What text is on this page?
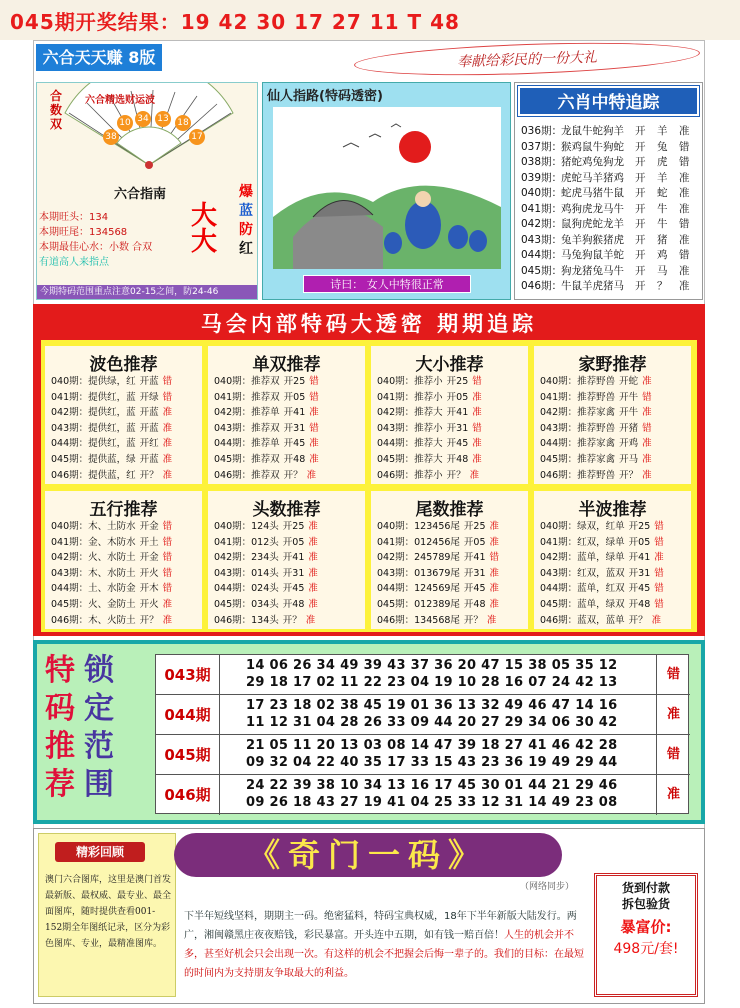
045期开奖结果：19 42 30 17 27 11 T 48
六合天天赚 8版	奉献给彩民的一份大礼
六合精选财运波
10 34 13 18
38	17
合数双
六合指南
本期旺头：134
本期旺尾：134568
本期最佳心水：小数 合双
大大
爆
蓝
防
红
有道高人来指点
今期特码范围重点注意02-15之间，防24-46
仙人指路(特码透密)
诗曰： 女人中特很正常
六肖中特追踪
036期：
龙鼠牛蛇狗羊 开 羊 准
037期：
猴鸡鼠牛狗蛇 开 兔 错
038期：
猪蛇鸡兔狗龙 开 虎 错
039期：
虎蛇马羊猪鸡 开 羊 准
040期：
蛇虎马猪牛鼠 开 蛇 准
041期：
鸡狗虎龙马牛 开 牛 准
042期：
鼠狗虎蛇龙羊 开 牛 错
043期：
兔羊狗猴猪虎 开 猪 准
044期：
马兔狗鼠羊蛇 开 鸡 错
045期：
狗龙猪兔马牛 开 马 准
046期：
牛鼠羊虎猪马 开 ？ 准
马会内部特码大透密 期期追踪
波色推荐
040期：提供绿，红 开蓝 错
041期：提供红，蓝 开绿 错
042期：提供红，蓝 开蓝 准
043期：提供红，蓝 开蓝 准
044期：提供红，蓝 开红 准
045期：提供蓝，绿 开蓝 准
046期：提供蓝，红 开？ 准
单双推荐
040期：推荐双 开25 错
041期：推荐双 开05 错
042期：推荐单 开41 准
043期：推荐双 开31 错
044期：推荐单 开45 准
045期：推荐双 开48 准
046期：推荐双 开？ 准
大小推荐
040期：推荐小 开25 错
041期：推荐小 开05 准
042期：推荐大 开41 准
043期：推荐小 开31 错
044期：推荐大 开45 准
045期：推荐大 开48 准
046期：推荐小 开？ 准
家野推荐
040期：推荐野兽 开蛇 准
041期：推荐野兽 开牛 错
042期：推荐家禽 开牛 准
043期：推荐野兽 开猪 错
044期：推荐家禽 开鸡 准
045期：推荐家禽 开马 准
046期：推荐野兽 开？ 准
五行推荐
040期：木、土防水 开金 错
041期：金、木防水 开土 错
042期：火、水防土 开金 错
043期：木、水防土 开火 错
044期：土、水防金 开木 错
045期：火、金防土 开火 准
046期：木、火防土 开？ 准
头数推荐
040期：124头 开25 准
041期：012头 开05 准
042期：234头 开41 准
043期：014头 开31 准
044期：024头 开45 准
045期：034头 开48 准
046期：134头 开？ 准
尾数推荐
040期：123456尾 开25 准
041期：012456尾 开05 准
042期：245789尾 开41 错
043期：013679尾 开31 准
044期：124569尾 开45 准
045期：012389尾 开48 准
046期：134568尾 开？ 准
半波推荐
040期：绿双，红单 开25 错
041期：红双，绿单 开05 错
042期：蓝单，绿单 开41 准
043期：红双，蓝双 开31 错
044期：蓝单，红双 开45 错
045期：蓝单，绿双 开48 错
046期：蓝双，蓝单 开？ 准
特
码
推
荐
锁
定
范
围
043期
14 06 26 34 49 39 43 37 36 20 47 15 38 05 35 12
29 18 17 02 11 22 23 04 19 10 28 16 07 24 42 13
错
044期
17 23 18 02 38 45 19 01 36 13 32 49 46 47 14 16
11 12 31 04 28 26 33 09 44 20 27 29 34 06 30 42
准
045期
21 05 11 20 13 03 08 14 47 39 18 27 41 46 42 28
09 32 04 22 40 35 17 33 15 43 23 36 19 49 29 44
错
046期
24 22 39 38 10 34 13 16 17 45 30 01 44 21 29 46
09 26 18 43 27 19 41 04 25 33 12 31 14 49 23 08
准
精彩回顾
澳门六合图库，这里是澳门首发最新版、最权威、最专业、最全面图库，随时提供查看001-152期全年图纸记录，区分为彩色图库、专业，最精准图库。
《奇门一码》
（网络同步）	货到付款
拆包验货
暴富价:
498元/套!
下半年短线坚料，期期主一码。绝密猛料，特码宝典权威，18年下半年新版大陆发行。两广，湘闽赣黑庄夜夜赔钱，彩民暴富。开头连中五期，如有钱一赔百倍！人生的机会并不多，甚至好机会只会出现一次。有这样的机会不把握会后悔一辈子的。我们的目标：在最短的时间内为支持朋友争取最大的利益。
